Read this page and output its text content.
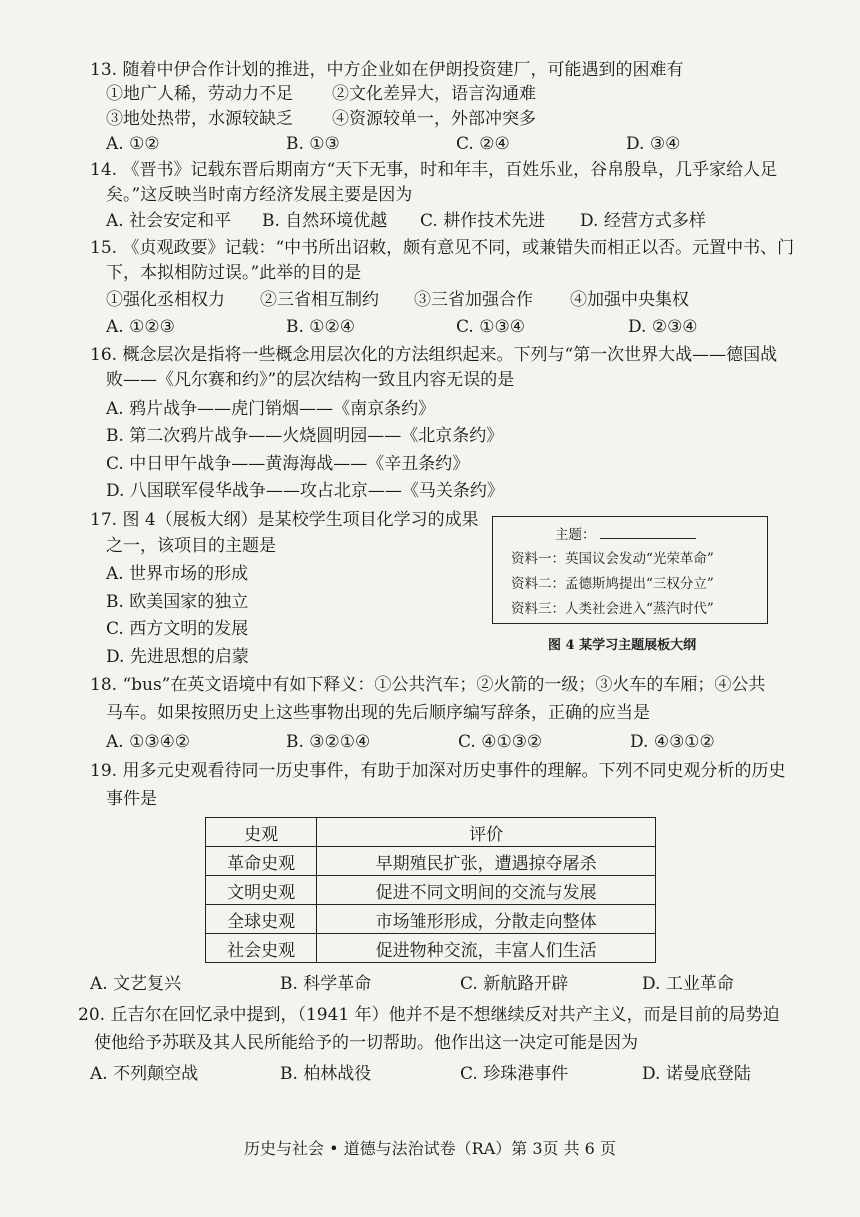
13. 随着中伊合作计划的推进，中方企业如在伊朗投资建厂，可能遇到的困难有
①地广人稀，劳动力不足 ②文化差异大，语言沟通难
③地处热带，水源较缺乏 ④资源较单一，外部冲突多
A. ①②	B. ①③	C. ②④	D. ③④
14. 《晋书》记载东晋后期南方“天下无事，时和年丰，百姓乐业，谷帛殷阜，几乎家给人足
矣。”这反映当时南方经济发展主要是因为
A. 社会安定和平 B. 自然环境优越 C. 耕作技术先进 D. 经营方式多样
15. 《贞观政要》记载：“中书所出诏敕，颇有意见不同，或兼错失而相正以否。元置中书、门
下，本拟相防过误。”此举的目的是
①强化丞相权力 ②三省相互制约 ③三省加强合作 ④加强中央集权
A. ①②③	B. ①②④	C. ①③④	D. ②③④
16. 概念层次是指将一些概念用层次化的方法组织起来。下列与“第一次世界大战——德国战
败——《凡尔赛和约》”的层次结构一致且内容无误的是
A. 鸦片战争——虎门销烟——《南京条约》
B. 第二次鸦片战争——火烧圆明园——《北京条约》
C. 中日甲午战争——黄海海战——《辛丑条约》
D. 八国联军侵华战争——攻占北京——《马关条约》
17. 图 4（展板大纲）是某校学生项目化学习的成果
之一，该项目的主题是
A. 世界市场的形成
B. 欧美国家的独立
C. 西方文明的发展
D. 先进思想的启蒙
主题：
资料一：英国议会发动“光荣革命”
资料二：孟德斯鸠提出“三权分立”
资料三：人类社会进入“蒸汽时代”
图 4 某学习主题展板大纲
18. “bus”在英文语境中有如下释义：①公共汽车；②火箭的一级；③火车的车厢；④公共
马车。如果按照历史上这些事物出现的先后顺序编写辞条，正确的应当是
A. ①③④②	B. ③②①④	C. ④①③②	D. ④③①②
19. 用多元史观看待同一历史事件，有助于加深对历史事件的理解。下列不同史观分析的历史
事件是
史观	评价
革命史观	早期殖民扩张，遭遇掠夺屠杀
文明史观	促进不同文明间的交流与发展
全球史观	市场雏形形成，分散走向整体
社会史观	促进物种交流，丰富人们生活
A. 文艺复兴	B. 科学革命	C. 新航路开辟	D. 工业革命
20. 丘吉尔在回忆录中提到，（1941 年）他并不是不想继续反对共产主义，而是目前的局势迫
使他给予苏联及其人民所能给予的一切帮助。他作出这一决定可能是因为
A. 不列颠空战	B. 柏林战役	C. 珍珠港事件	D. 诺曼底登陆
历史与社会 • 道德与法治试卷（RA）第 3页 共 6 页
